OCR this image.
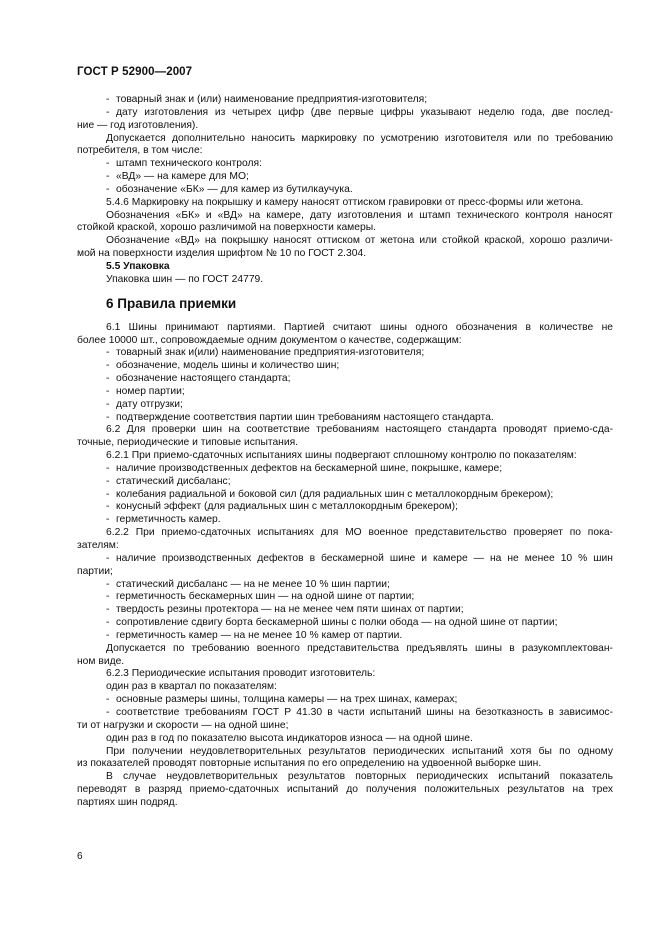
ГОСТ Р 52900—2007
- товарный знак и (или) наименование предприятия-изготовителя;
- дату изготовления из четырех цифр (две первые цифры указывают неделю года, две послед-
ние — год изготовления).
Допускается дополнительно наносить маркировку по усмотрению изготовителя или по требованию
потребителя, в том числе:
- штамп технического контроля:
- «ВД» — на камере для МО;
- обозначение «БК» — для камер из бутилкаучука.
5.4.6 Маркировку на покрышку и камеру наносят оттиском гравировки от пресс-формы или жетона.
Обозначения «БК» и «ВД» на камере, дату изготовления и штамп технического контроля наносят
стойкой краской, хорошо различимой на поверхности камеры.
Обозначение «ВД» на покрышку наносят оттиском от жетона или стойкой краской, хорошо различи-
мой на поверхности изделия шрифтом № 10 по ГОСТ 2.304.
5.5 Упаковка
Упаковка шин — по ГОСТ 24779.
6 Правила приемки
6.1 Шины принимают партиями. Партией считают шины одного обозначения в количестве не
более 10000 шт., сопровождаемые одним документом о качестве, содержащим:
- товарный знак и(или) наименование предприятия-изготовителя;
- обозначение, модель шины и количество шин;
- обозначение настоящего стандарта;
- номер партии;
- дату отгрузки;
- подтверждение соответствия партии шин требованиям настоящего стандарта.
6.2 Для проверки шин на соответствие требованиям настоящего стандарта проводят приемо-сда-
точные, периодические и типовые испытания.
6.2.1 При приемо-сдаточных испытаниях шины подвергают сплошному контролю по показателям:
- наличие производственных дефектов на бескамерной шине, покрышке, камере;
- статический дисбаланс;
- колебания радиальной и боковой сил (для радиальных шин с металлокордным брекером);
- конусный эффект (для радиальных шин с металлокордным брекером);
- герметичность камер.
6.2.2 При приемо-сдаточных испытаниях для МО военное представительство проверяет по пока-
зателям:
- наличие производственных дефектов в бескамерной шине и камере — на не менее 10 % шин
партии;
- статический дисбаланс — на не менее 10 % шин партии;
- герметичность бескамерных шин — на одной шине от партии;
- твердость резины протектора — на не менее чем пяти шинах от партии;
- сопротивление сдвигу борта бескамерной шины с полки обода — на одной шине от партии;
- герметичность камер — на не менее 10 % камер от партии.
Допускается по требованию военного представительства предъявлять шины в разукомплектован-
ном виде.
6.2.3 Периодические испытания проводит изготовитель:
один раз в квартал по показателям:
- основные размеры шины, толщина камеры — на трех шинах, камерах;
- соответствие требованиям ГОСТ Р 41.30 в части испытаний шины на безотказность в зависимос-
ти от нагрузки и скорости — на одной шине;
один раз в год по показателю высота индикаторов износа — на одной шине.
При получении неудовлетворительных результатов периодических испытаний хотя бы по одному
из показателей проводят повторные испытания по его определению на удвоенной выборке шин.
В случае неудовлетворительных результатов повторных периодических испытаний показатель
переводят в разряд приемо-сдаточных испытаний до получения положительных результатов на трех
партиях шин подряд.
6
